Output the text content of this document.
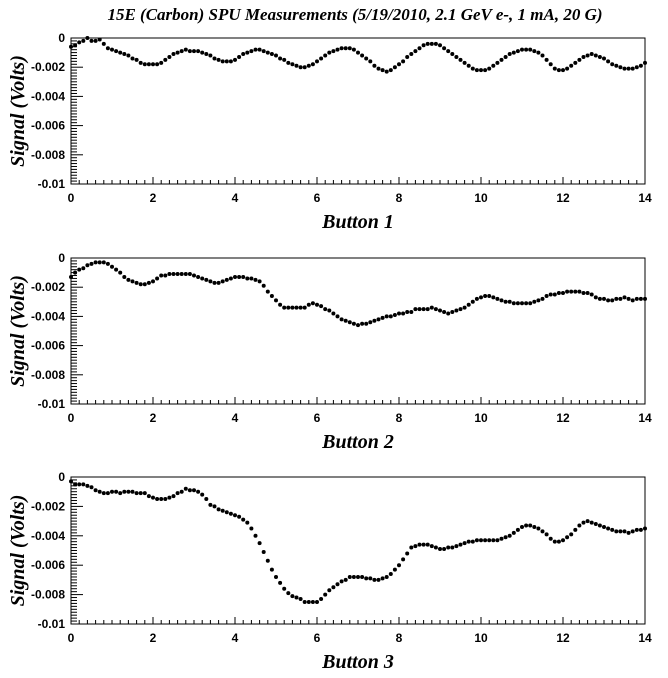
15E (Carbon) SPU Measurements (5/19/2010, 2.1 GeV e-, 1 mA, 20 G)
0
-0.002
-0.004
-0.006
-0.008
-0.01
0	2	4	6	8	10	12	14
Button 1
Signal (Volts)
0
-0.002
-0.004
-0.006
-0.008
-0.01
0	2	4	6	8	10	12	14
Button 2
Signal (Volts)
0
-0.002
-0.004
-0.006
-0.008
-0.01
0	2	4	6	8	10	12	14
Button 3
Signal (Volts)
